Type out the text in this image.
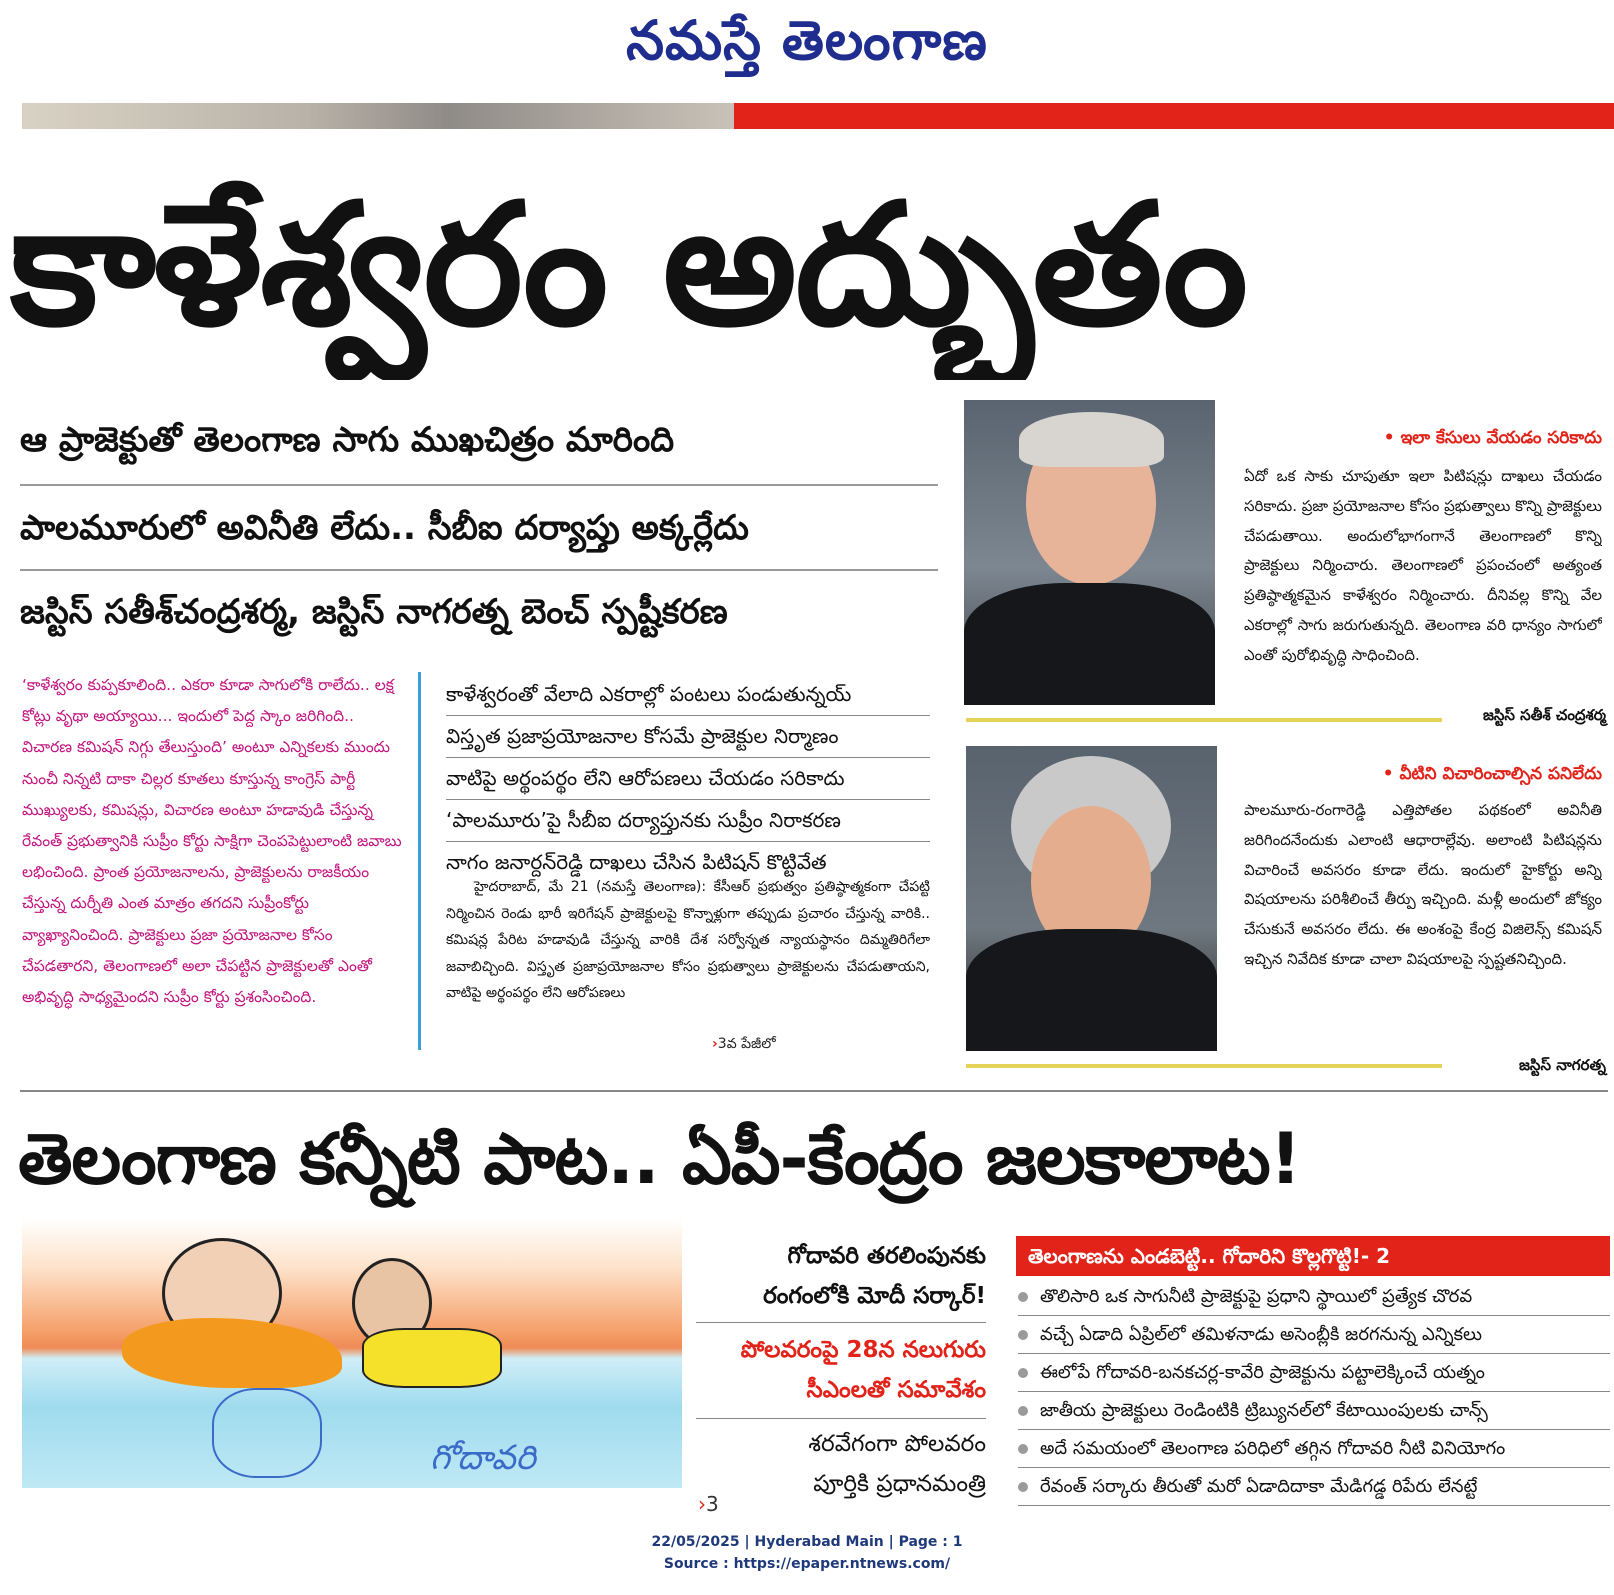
నమస్తే తెలంగాణ
కాళేశ్వరం అద్భుతం
ఆ ప్రాజెక్టుతో తెలంగాణ సాగు ముఖచిత్రం మారింది
పాలమూరులో అవినీతి లేదు.. సీబీఐ దర్యాప్తు అక్కర్లేదు
జస్టిస్ సతీశ్‌చంద్రశర్మ, జస్టిస్ నాగరత్న బెంచ్ స్పష్టీకరణ
‘కాళేశ్వరం కుప్పకూలింది.. ఎకరా కూడా సాగులోకి రాలేదు.. లక్ష కోట్లు వృథా అయ్యాయి... ఇందులో పెద్ద స్కాం జరిగింది.. విచారణ కమిషన్ నిగ్గు తేలుస్తుంది’ అంటూ ఎన్నికలకు ముందు నుంచీ నిన్నటి దాకా చిల్లర కూతలు కూస్తున్న కాంగ్రెస్ పార్టీ ముఖ్యులకు, కమిషన్లు, విచారణ అంటూ హడావుడి చేస్తున్న రేవంత్ ప్రభుత్వానికి సుప్రీం కోర్టు సాక్షిగా చెంపపెట్టులాంటి జవాబు లభించింది. ప్రాంత ప్రయోజనాలను, ప్రాజెక్టులను రాజకీయం చేస్తున్న దుర్నీతి ఎంత మాత్రం తగదని సుప్రీంకోర్టు వ్యాఖ్యానించింది. ప్రాజెక్టులు ప్రజా ప్రయోజనాల కోసం చేపడతారని, తెలంగాణలో అలా చేపట్టిన ప్రాజెక్టులతో ఎంతో అభివృద్ధి సాధ్యమైందని సుప్రీం కోర్టు ప్రశంసించింది.
కాళేశ్వరంతో వేలాది ఎకరాల్లో పంటలు పండుతున్నయ్
విస్తృత ప్రజాప్రయోజనాల కోసమే ప్రాజెక్టుల నిర్మాణం
వాటిపై అర్థంపర్థం లేని ఆరోపణలు చేయడం సరికాదు
‘పాలమూరు’పై సీబీఐ దర్యాప్తునకు సుప్రీం నిరాకరణ
నాగం జనార్దన్‌రెడ్డి దాఖలు చేసిన పిటిషన్ కొట్టివేత
హైదరాబాద్, మే 21 (నమస్తే తెలంగాణ): కేసీఆర్ ప్రభుత్వం ప్రతిష్ఠాత్మకంగా చేపట్టి నిర్మించిన రెండు భారీ ఇరిగేషన్ ప్రాజెక్టులపై కొన్నాళ్లుగా తప్పుడు ప్రచారం చేస్తున్న వారికి.. కమిషన్ల పేరిట హడావుడి చేస్తున్న వారికి దేశ సర్వోన్నత న్యాయస్థానం దిమ్మతిరిగేలా జవాబిచ్చింది. విస్తృత ప్రజాప్రయోజనాల కోసం ప్రభుత్వాలు ప్రాజెక్టులను చేపడుతాయని, వాటిపై అర్థంపర్థం లేని ఆరోపణలు
›3వ పేజీలో
• ఇలా కేసులు వేయడం సరికాదు
ఏదో ఒక సాకు చూపుతూ ఇలా పిటిషన్లు దాఖలు చేయడం సరికాదు. ప్రజా ప్రయోజనాల కోసం ప్రభుత్వాలు కొన్ని ప్రాజెక్టులు చేపడుతాయి. అందులోభాగంగానే తెలంగాణలో కొన్ని ప్రాజెక్టులు నిర్మించారు. తెలంగాణలో ప్రపంచంలో అత్యంత ప్రతిష్ఠాత్మకమైన కాళేశ్వరం నిర్మించారు. దీనివల్ల కొన్ని వేల ఎకరాల్లో సాగు జరుగుతున్నది. తెలంగాణ వరి ధాన్యం సాగులో ఎంతో పురోభివృద్ధి సాధించింది.
జస్టిస్ సతీశ్ చంద్రశర్మ
• వీటిని విచారించాల్సిన పనిలేదు
పాలమూరు-రంగారెడ్డి ఎత్తిపోతల పథకంలో అవినీతి జరిగిందనేందుకు ఎలాంటి ఆధారాల్లేవు. అలాంటి పిటిషన్లను విచారించే అవసరం కూడా లేదు. ఇందులో హైకోర్టు అన్ని విషయాలను పరిశీలించే తీర్పు ఇచ్చింది. మళ్లీ అందులో జోక్యం చేసుకునే అవసరం లేదు. ఈ అంశంపై కేంద్ర విజిలెన్స్ కమిషన్ ఇచ్చిన నివేదిక కూడా చాలా విషయాలపై స్పష్టతనిచ్చింది.
జస్టిస్ నాగరత్న
తెలంగాణ కన్నీటి పాట.. ఏపీ-కేంద్రం జలకాలాట!
గోదావరి
›3
గోదావరి తరలింపునకు
రంగంలోకి మోదీ సర్కార్!
పోలవరంపై 28న నలుగురు
సీఎంలతో సమావేశం
శరవేగంగా పోలవరం
పూర్తికి ప్రధానమంత్రి
తెలంగాణను ఎండబెట్టి.. గోదారిని కొల్లగొట్టి!- 2
తొలిసారి ఒక సాగునీటి ప్రాజెక్టుపై ప్రధాని స్థాయిలో ప్రత్యేక చొరవ
వచ్చే ఏడాది ఏప్రిల్‌లో తమిళనాడు అసెంబ్లీకి జరగనున్న ఎన్నికలు
ఈలోపే గోదావరి-బనకచర్ల-కావేరి ప్రాజెక్టును పట్టాలెక్కించే యత్నం
జాతీయ ప్రాజెక్టులు రెండింటికి ట్రిబ్యునల్‌లో కేటాయింపులకు చాన్స్
అదే సమయంలో తెలంగాణ పరిధిలో తగ్గిన గోదావరి నీటి వినియోగం
రేవంత్ సర్కారు తీరుతో మరో ఏడాదిదాకా మేడిగడ్డ రిపేరు లేనట్టే
22/05/2025 | Hyderabad Main | Page : 1
Source : https://epaper.ntnews.com/
